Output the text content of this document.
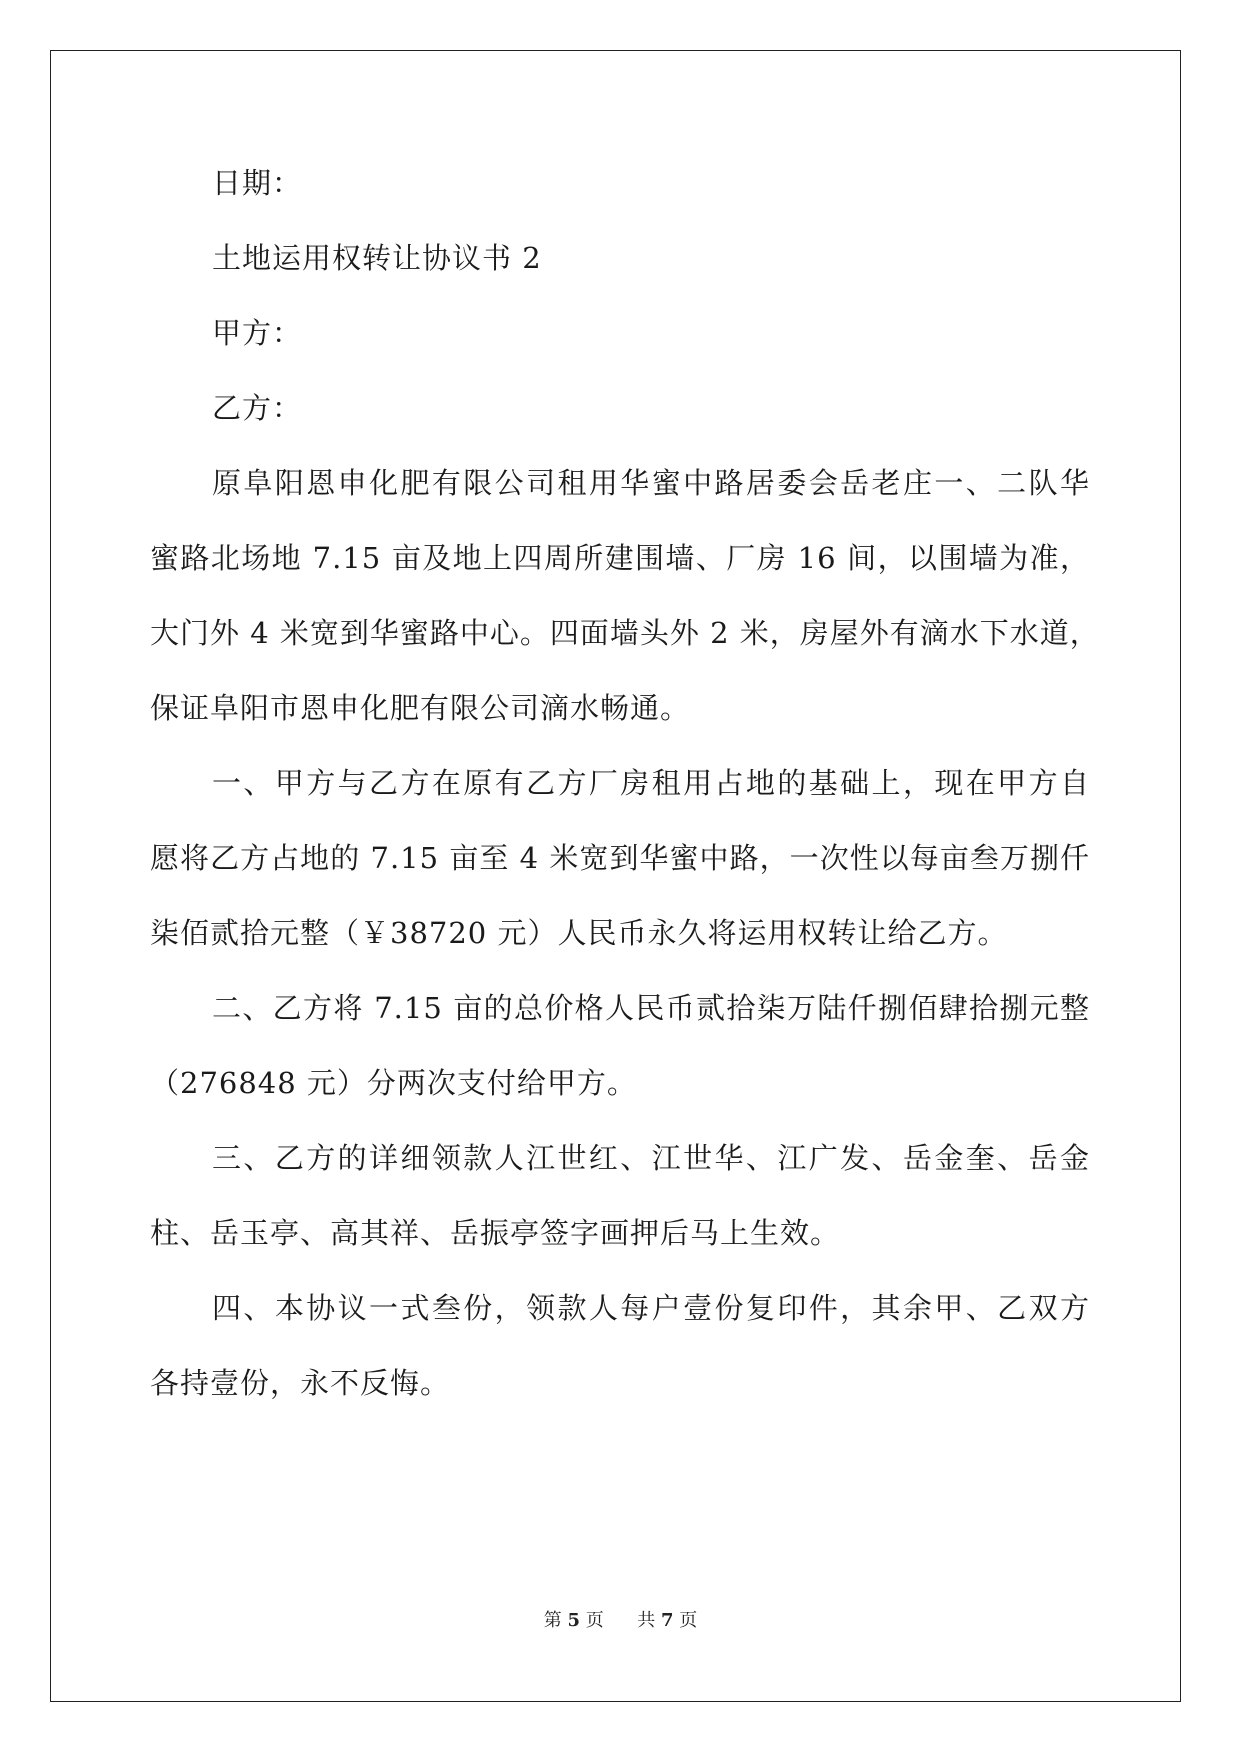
日期：
土地运用权转让协议书 2
甲方：
乙方：
原阜阳恩申化肥有限公司租用华蜜中路居委会岳老庄一、二队华
蜜路北场地 7.15 亩及地上四周所建围墙、厂房 16 间，以围墙为准，
大门外 4 米宽到华蜜路中心。四面墙头外 2 米，房屋外有滴水下水道，
保证阜阳市恩申化肥有限公司滴水畅通。
一、甲方与乙方在原有乙方厂房租用占地的基础上，现在甲方自
愿将乙方占地的 7.15 亩至 4 米宽到华蜜中路，一次性以每亩叁万捌仟
柒佰贰拾元整（￥38720 元）人民币永久将运用权转让给乙方。
二、乙方将 7.15 亩的总价格人民币贰拾柒万陆仟捌佰肆拾捌元整
（276848 元）分两次支付给甲方。
三、乙方的详细领款人江世红、江世华、江广发、岳金奎、岳金
柱、岳玉亭、高其祥、岳振亭签字画押后马上生效。
四、本协议一式叁份，领款人每户壹份复印件，其余甲、乙双方
各持壹份，永不反悔。
第 5 页 共 7 页
